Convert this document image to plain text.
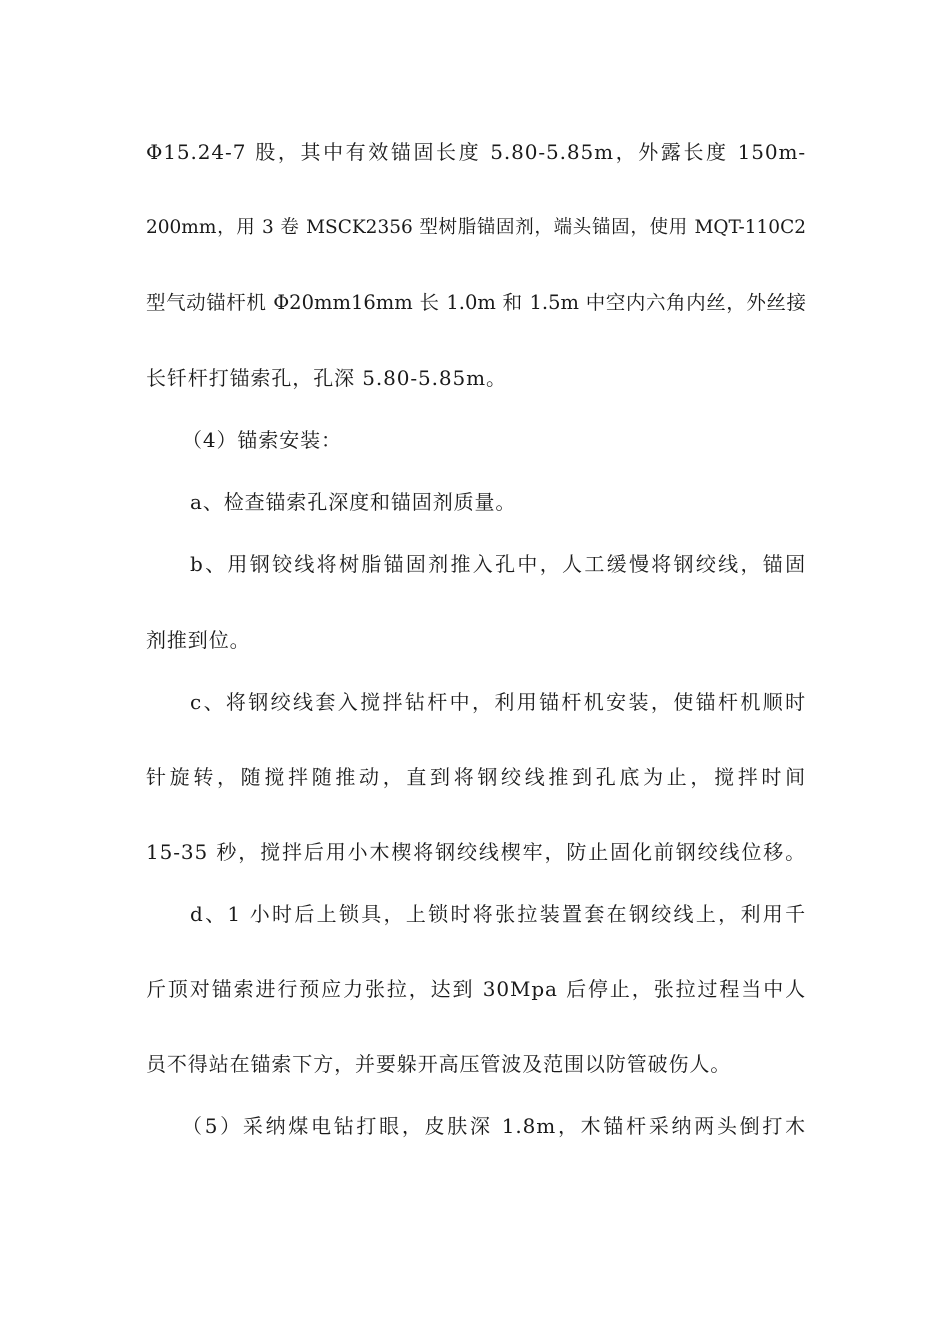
Φ15.24-7 股，其中有效锚固长度 5.80-5.85m，外露长度 150m-
200mm，用 3 卷 MSCK2356 型树脂锚固剂，端头锚固，使用 MQT-110C2
型气动锚杆机 Φ20mm16mm 长 1.0m 和 1.5m 中空内六角内丝，外丝接
长钎杆打锚索孔，孔深 5.80-5.85m。
（4）锚索安装：
a、检查锚索孔深度和锚固剂质量。
b、用钢铰线将树脂锚固剂推入孔中，人工缓慢将钢绞线，锚固
剂推到位。
c、将钢绞线套入搅拌钻杆中，利用锚杆机安装，使锚杆机顺时
针旋转，随搅拌随推动，直到将钢绞线推到孔底为止，搅拌时间
15-35 秒，搅拌后用小木楔将钢绞线楔牢，防止固化前钢绞线位移。
d、1 小时后上锁具，上锁时将张拉装置套在钢绞线上，利用千
斤顶对锚索进行预应力张拉，达到 30Mpa 后停止，张拉过程当中人
员不得站在锚索下方，并要躲开高压管波及范围以防管破伤人。
（5）采纳煤电钻打眼，皮肤深 1.8m，木锚杆采纳两头倒打木
